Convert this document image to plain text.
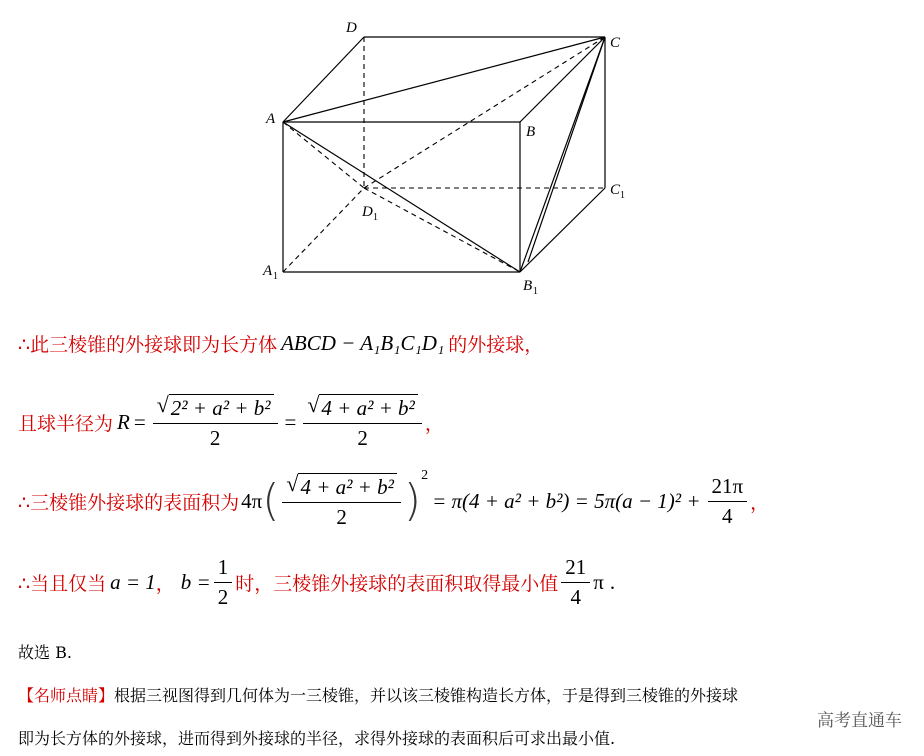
D
C
A
B
C 1
D 1
A 1
B 1
∴此三棱锥的外接球即为长方体 ABCD − A₁B₁C₁D₁ 的外接球，
且球半径为 $R = \frac{\text{√ 2² + a² + b²}}{2} = \frac{\text{√ 4 + a² + b²}}{2}$ ，
∴三棱锥外接球的表面积为 4π ( $\frac{\text{√ 4 + a² + b²}}{2}$ ) 2
= $\pi(4 + a^2 + b^2) = 5\pi(a - 1)^2 + \frac{21\pi}{4}$ ，
∴当且仅当 a = 1 ， $b = \frac{1}{2}$ 时，三棱锥外接球的表面积取得最小值 $\frac{21}{4}$ π .
故选 B.
【名师点睛】根据三视图得到几何体为一三棱锥，并以该三棱锥构造长方体，于是得到三棱锥的外接球
即为长方体的外接球，进而得到外接球的半径，求得外接球的表面积后可求出最小值.
高考直通车
